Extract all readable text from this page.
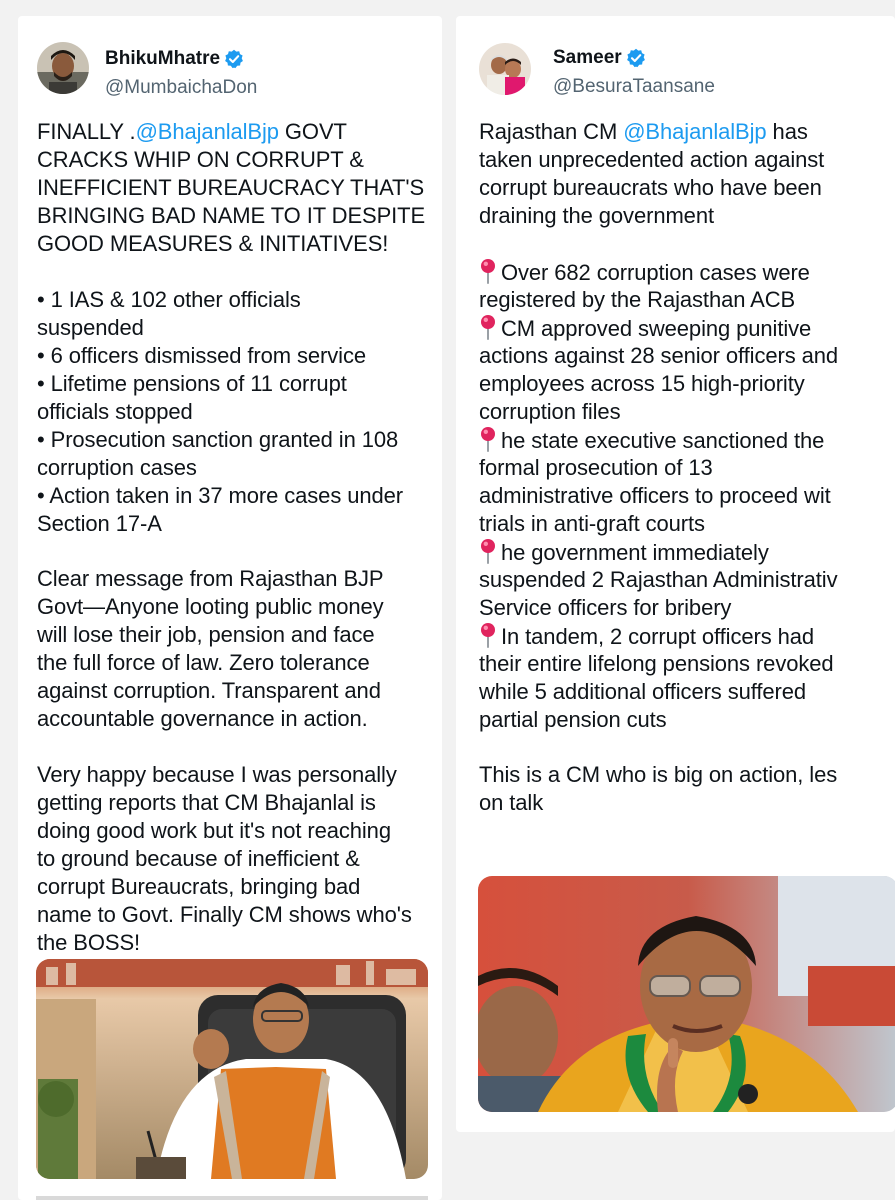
BhikuMhatre
@MumbaichaDon
FINALLY .@BhajanlalBjp GOVT
CRACKS WHIP ON CORRUPT &
INEFFICIENT BUREAUCRACY THAT'S
BRINGING BAD NAME TO IT DESPITE
GOOD MEASURES & INITIATIVES!
• 1 IAS & 102 other officials
suspended
• 6 officers dismissed from service
• Lifetime pensions of 11 corrupt
officials stopped
• Prosecution sanction granted in 108
corruption cases
• Action taken in 37 more cases under
Section 17-A
Clear message from Rajasthan BJP
Govt—Anyone looting public money
will lose their job, pension and face
the full force of law. Zero tolerance
against corruption. Transparent and
accountable governance in action.
Very happy because I was personally
getting reports that CM Bhajanlal is
doing good work but it's not reaching
to ground because of inefficient &
corrupt Bureaucrats, bringing bad
name to Govt. Finally CM shows who's
the BOSS!
Sameer
@BesuraTaansane
Rajasthan CM @BhajanlalBjp has
taken unprecedented action against
corrupt bureaucrats who have been
draining the government
Over 682 corruption cases were
registered by the Rajasthan ACB
CM approved sweeping punitive
actions against 28 senior officers and
employees across 15 high-priority
corruption files
he state executive sanctioned the
formal prosecution of 13
administrative officers to proceed wit
trials in anti-graft courts
he government immediately
suspended 2 Rajasthan Administrativ
Service officers for bribery
In tandem, 2 corrupt officers had
their entire lifelong pensions revoked
while 5 additional officers suffered
partial pension cuts
This is a CM who is big on action, les
on talk
